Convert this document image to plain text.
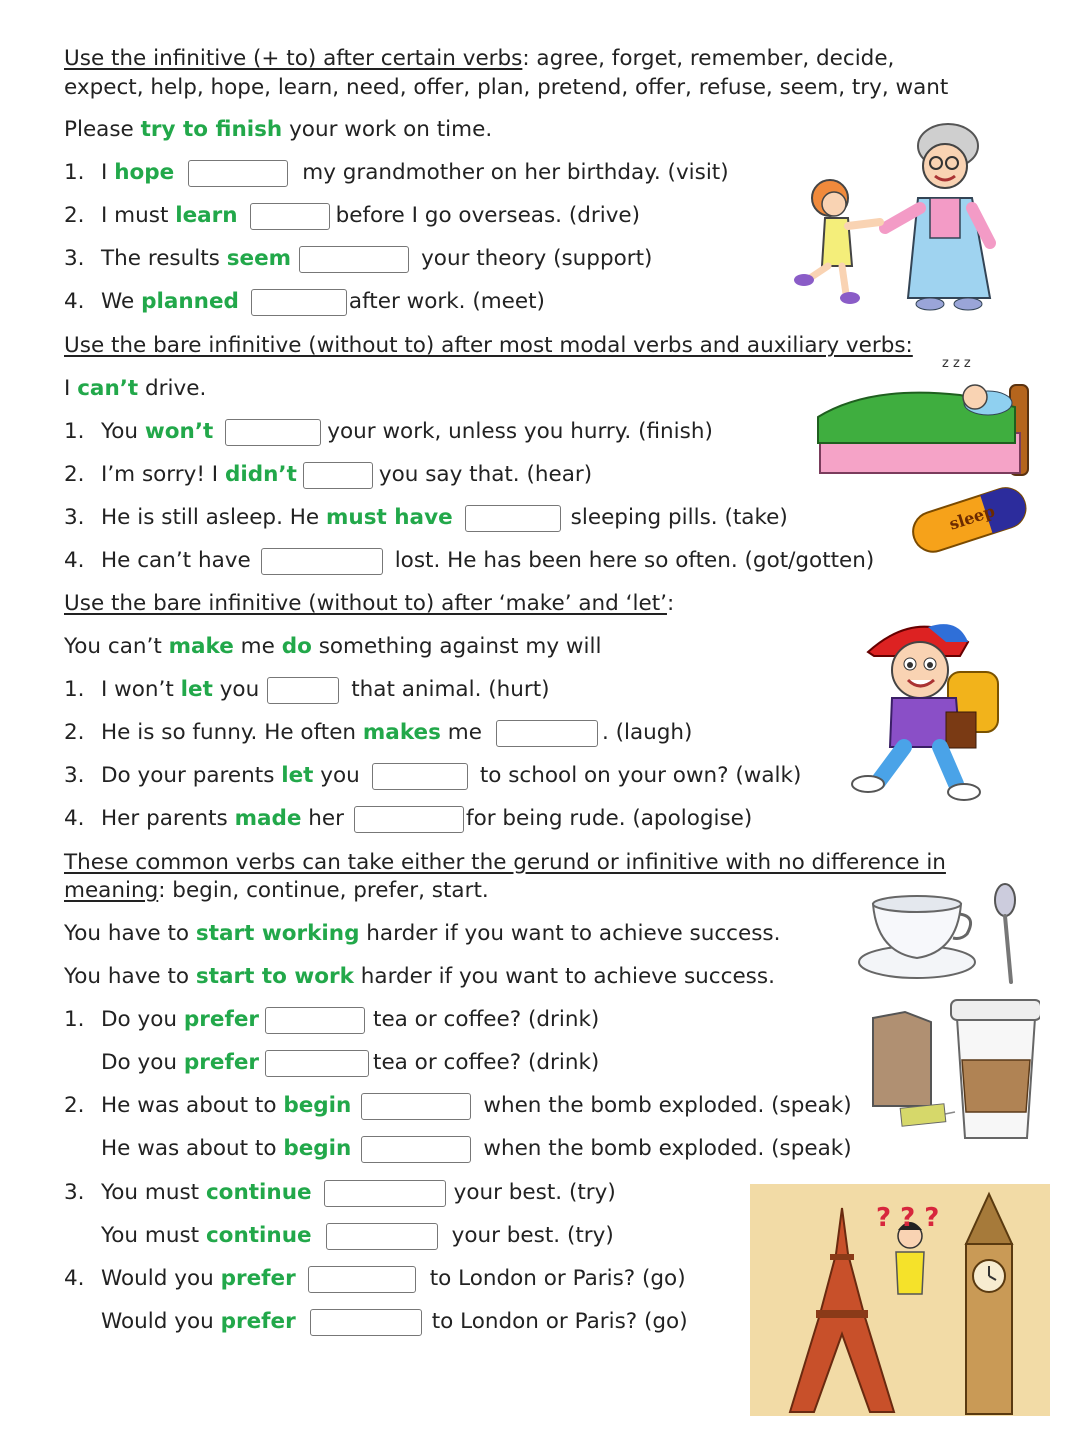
Use the infinitive (+ to) after certain verbs: agree, forget, remember, decide,
expect, help, hope, learn, need, offer, plan, pretend, offer, refuse, seem, try, want
Please try to finish your work on time.
1. I hope	my grandmother on her birthday. (visit)
2. I must learn	before I go overseas. (drive)
3. The results seem	your theory (support)
4. We planned	after work. (meet)
Use the bare infinitive (without to) after most modal verbs and auxiliary verbs:
I can’t drive.
1. You won’t	your work, unless you hurry. (finish)
2. I’m sorry! I didn’t	you say that. (hear)
3. He is still asleep. He must have	sleeping pills. (take)
4. He can’t have	lost. He has been here so often. (got/gotten)
z z z
sleep
Use the bare infinitive (without to) after ‘make’ and ‘let’:
You can’t make me do something against my will
1. I won’t let you	that animal. (hurt)
2. He is so funny. He often makes me	. (laugh)
3. Do your parents let you	to school on your own? (walk)
4. Her parents made her	for being rude. (apologise)
These common verbs can take either the gerund or infinitive with no difference in
meaning: begin, continue, prefer, start.
You have to start working harder if you want to achieve success.
You have to start to work harder if you want to achieve success.
1. Do you prefer	tea or coffee? (drink)
Do you prefer	tea or coffee? (drink)
2. He was about to begin	when the bomb exploded. (speak)
He was about to begin	when the bomb exploded. (speak)
3. You must continue	your best. (try)
You must continue	your best. (try)
4. Would you prefer	to London or Paris? (go)
Would you prefer	to London or Paris? (go)
? ? ?
